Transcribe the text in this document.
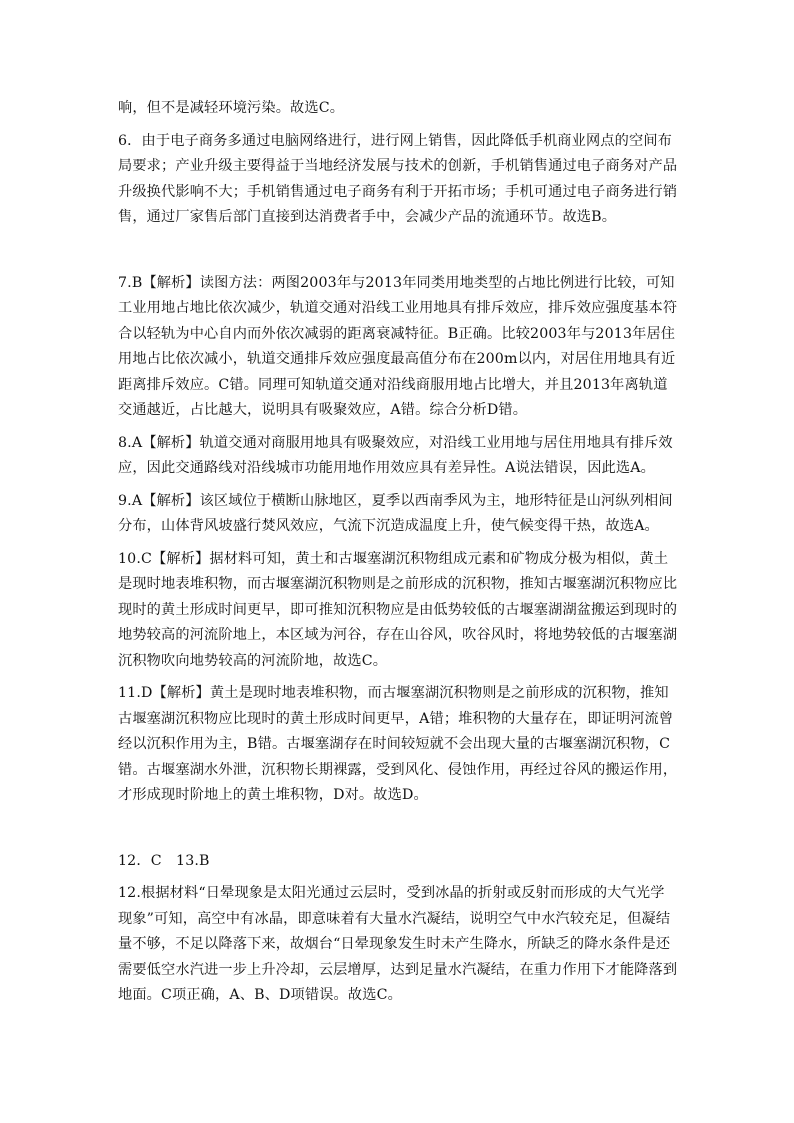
响，但不是减轻环境污染。故选C。

6．由于电子商务多通过电脑网络进行，进行网上销售，因此降低手机商业网点的空间布局要求；产业升级主要得益于当地经济发展与技术的创新，手机销售通过电子商务对产品升级换代影响不大；手机销售通过电子商务有利于开拓市场；手机可通过电子商务进行销售，通过厂家售后部门直接到达消费者手中，会减少产品的流通环节。故选B。

7.B【解析】读图方法：两图2003年与2013年同类用地类型的占地比例进行比较，可知工业用地占地比依次减少，轨道交通对沿线工业用地具有排斥效应，排斥效应强度基本符合以轻轨为中心自内而外依次减弱的距离衰减特征。B正确。比较2003年与2013年居住用地占比依次减小，轨道交通排斥效应强度最高值分布在200m以内，对居住用地具有近距离排斥效应。C错。同理可知轨道交通对沿线商服用地占比增大，并且2013年离轨道交通越近，占比越大，说明具有吸聚效应，A错。综合分析D错。

8.A【解析】轨道交通对商服用地具有吸聚效应，对沿线工业用地与居住用地具有排斥效应，因此交通路线对沿线城市功能用地作用效应具有差异性。A说法错误，因此选A。

9.A【解析】该区域位于横断山脉地区，夏季以西南季风为主，地形特征是山河纵列相间分布，山体背风坡盛行焚风效应，气流下沉造成温度上升，使气候变得干热，故选A。

10.C【解析】据材料可知，黄土和古堰塞湖沉积物组成元素和矿物成分极为相似，黄土是现时地表堆积物，而古堰塞湖沉积物则是之前形成的沉积物，推知古堰塞湖沉积物应比现时的黄土形成时间更早，即可推知沉积物应是由低势较低的古堰塞湖湖盆搬运到现时的地势较高的河流阶地上，本区域为河谷，存在山谷风，吹谷风时，将地势较低的古堰塞湖沉积物吹向地势较高的河流阶地，故选C。

11.D【解析】黄土是现时地表堆积物，而古堰塞湖沉积物则是之前形成的沉积物，推知古堰塞湖沉积物应比现时的黄土形成时间更早，A错；堆积物的大量存在，即证明河流曾经以沉积作用为主，B错。古堰塞湖存在时间较短就不会出现大量的古堰塞湖沉积物，C错。古堰塞湖水外泄，沉积物长期裸露，受到风化、侵蚀作用，再经过谷风的搬运作用，才形成现时阶地上的黄土堆积物，D对。故选D。

12．C　13.B

12.根据材料“日晕现象是太阳光通过云层时，受到冰晶的折射或反射而形成的大气光学现象”可知，高空中有冰晶，即意味着有大量水汽凝结，说明空气中水汽较充足，但凝结量不够，不足以降落下来，故烟台“日晕现象发生时未产生降水，所缺乏的降水条件是还需要低空水汽进一步上升冷却，云层增厚，达到足量水汽凝结，在重力作用下才能降落到地面。C项正确，A、B、D项错误。故选C。
